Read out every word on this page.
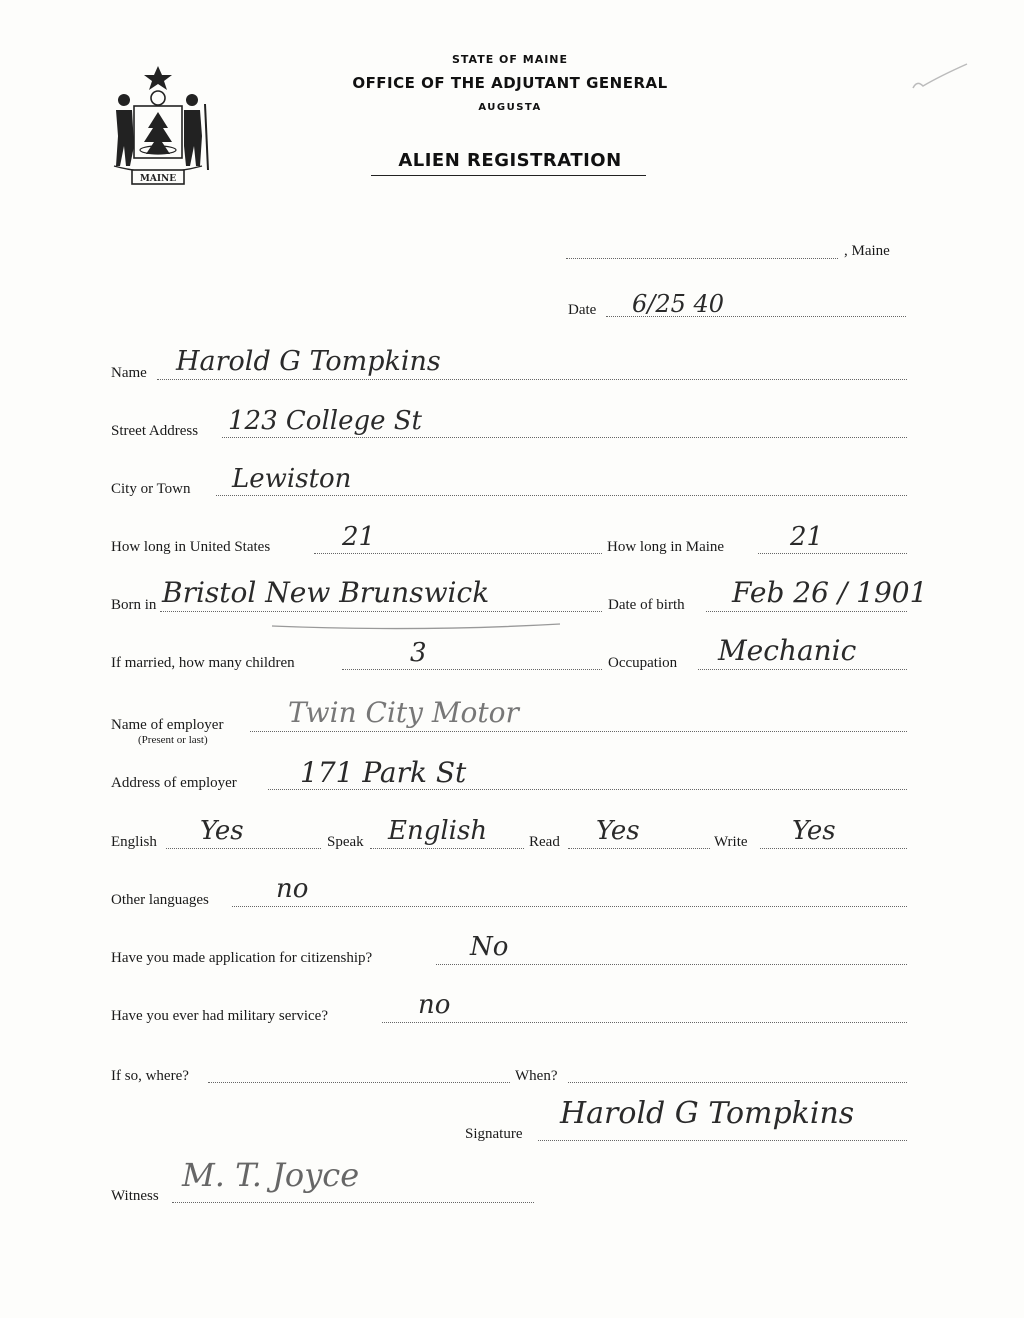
MAINE
STATE OF MAINE
OFFICE OF THE ADJUTANT GENERAL
AUGUSTA
ALIEN REGISTRATION
, Maine
Date 6/25 40
Name Harold G Tompkins
Street Address 123 College St
City or Town Lewiston
How long in United States	21	How long in Maine	21
Born in Bristol New Brunswick	Date of birth Feb 26 / 1901
If married, how many children	3	Occupation Mechanic
Name of employer
(Present or last)
Twin City Motor
Address of employer 171 Park St
English Yes	Speak English	Read Yes	Write Yes
Other languages	no
Have you made application for citizenship?	No
Have you ever had military service?	no
If so, where?	When?
Signature
Harold G Tompkins
Witness
M. T. Joyce
